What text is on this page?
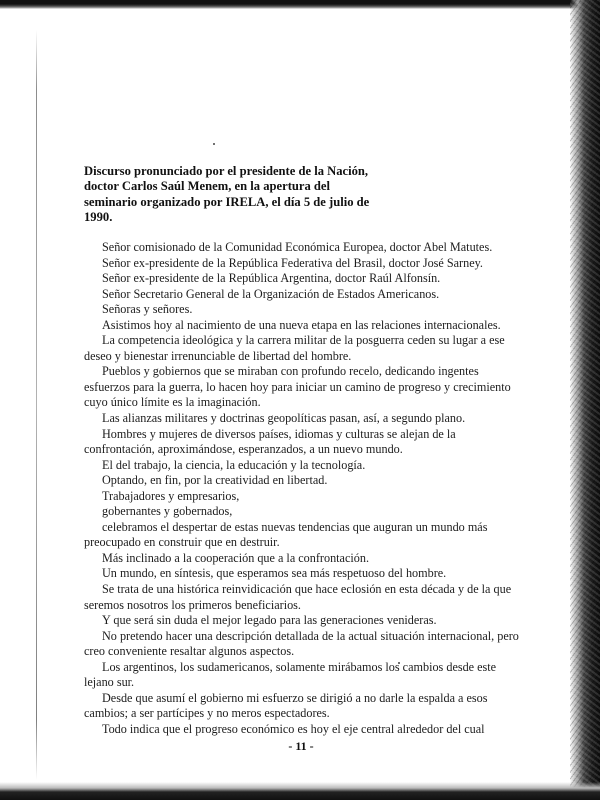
Discurso pronunciado por el presidente de la Nación, doctor Carlos Saúl Menem, en la apertura del seminario organizado por IRELA, el día 5 de julio de 1990.

Señor comisionado de la Comunidad Económica Europea, doctor Abel Matutes.
Señor ex-presidente de la República Federativa del Brasil, doctor José Sarney.
Señor ex-presidente de la República Argentina, doctor Raúl Alfonsín.
Señor Secretario General de la Organización de Estados Americanos.
Señoras y señores.
Asistimos hoy al nacimiento de una nueva etapa en las relaciones internacionales.
La competencia ideológica y la carrera militar de la posguerra ceden su lugar a ese deseo y bienestar irrenunciable de libertad del hombre.
Pueblos y gobiernos que se miraban con profundo recelo, dedicando ingentes esfuerzos para la guerra, lo hacen hoy para iniciar un camino de progreso y crecimiento cuyo único límite es la imaginación.
Las alianzas militares y doctrinas geopolíticas pasan, así, a segundo plano.
Hombres y mujeres de diversos países, idiomas y culturas se alejan de la confrontación, aproximándose, esperanzados, a un nuevo mundo.
El del trabajo, la ciencia, la educación y la tecnología.
Optando, en fin, por la creatividad en libertad.
Trabajadores y empresarios,
gobernantes y gobernados,
celebramos el despertar de estas nuevas tendencias que auguran un mundo más preocupado en construir que en destruir.
Más inclinado a la cooperación que a la confrontación.
Un mundo, en síntesis, que esperamos sea más respetuoso del hombre.
Se trata de una histórica reinvidicación que hace eclosión en esta década y de la que seremos nosotros los primeros beneficiarios.
Y que será sin duda el mejor legado para las generaciones venideras.
No pretendo hacer una descripción detallada de la actual situación internacional, pero creo conveniente resaltar algunos aspectos.
Los argentinos, los sudamericanos, solamente mirábamos los cambios desde este lejano sur.
Desde que asumí el gobierno mi esfuerzo se dirigió a no darle la espalda a esos cambios; a ser partícipes y no meros espectadores.
Todo indica que el progreso económico es hoy el eje central alrededor del cual
- 11 -
